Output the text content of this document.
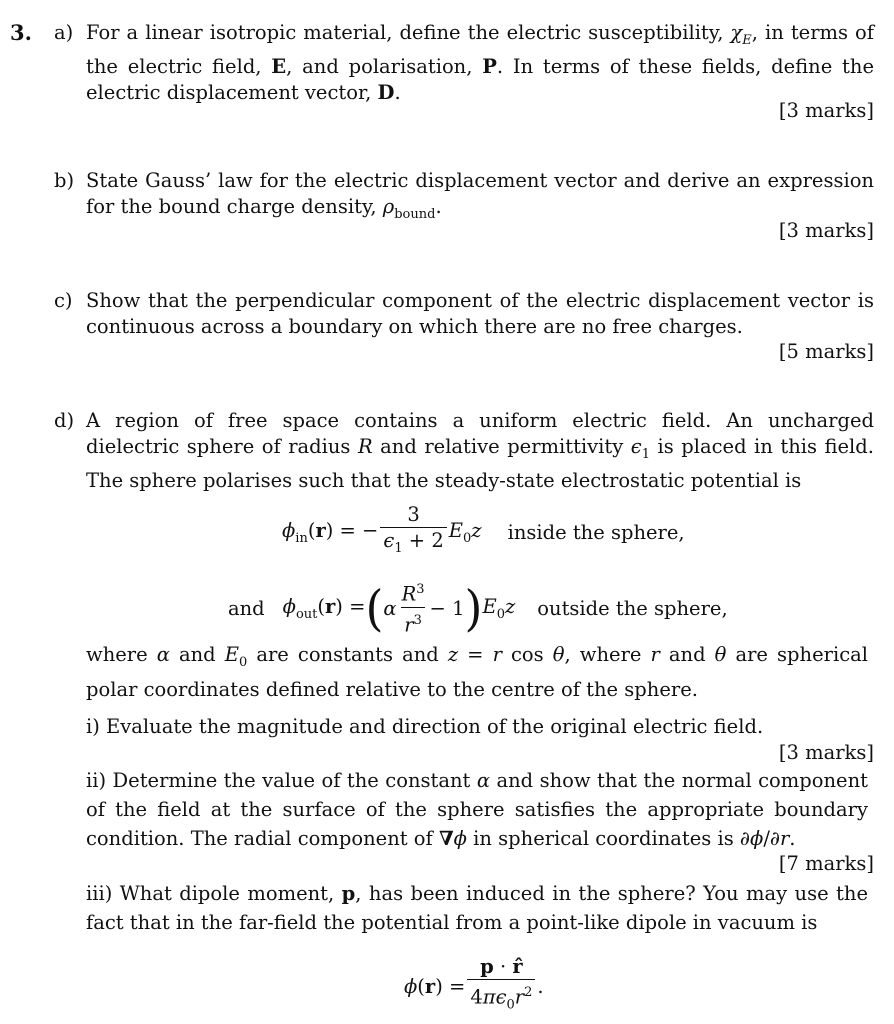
3. a) For a linear isotropic material, define the electric susceptibility, $\chi_E$, in terms of the electric field, E, and polarisation, P. In terms of these fields, define the electric displacement vector, D.
[3 marks]
b) State Gauss’ law for the electric displacement vector and derive an expression for the bound charge density, $\rho_{bound}$.
[3 marks]
c) Show that the perpendicular component of the electric displacement vector is continuous across a boundary on which there are no free charges.
[5 marks]
d) A region of free space contains a uniform electric field. An uncharged dielectric sphere of radius R and relative permittivity $\epsilon_1$ is placed in this field. The sphere polarises such that the steady-state electrostatic potential is
$\phi_{in}(r)$ = − $\frac{3}{\epsilon_1 + 2} E_0z$ inside the sphere,
and $\phi_{out}(r)$ = ( α $\frac{R^3}{r^3} - 1$ ) $E_0z$ outside the sphere,
where α and $E_0$ are constants and z = r cos θ, where r and θ are spherical polar coordinates defined relative to the centre of the sphere.
i) Evaluate the magnitude and direction of the original electric field.
[3 marks]
ii) Determine the value of the constant α and show that the normal component of the field at the surface of the sphere satisfies the appropriate boundary condition. The radial component of ∇ϕ in spherical coordinates is ∂ϕ/∂r.
[7 marks]
iii) What dipole moment, p, has been induced in the sphere? You may use the fact that in the far-field the potential from a point-like dipole in vacuum is
$\phi(r) = \frac{p \cdot r̂}{4\pi\epsilon_0r^2}$ .
